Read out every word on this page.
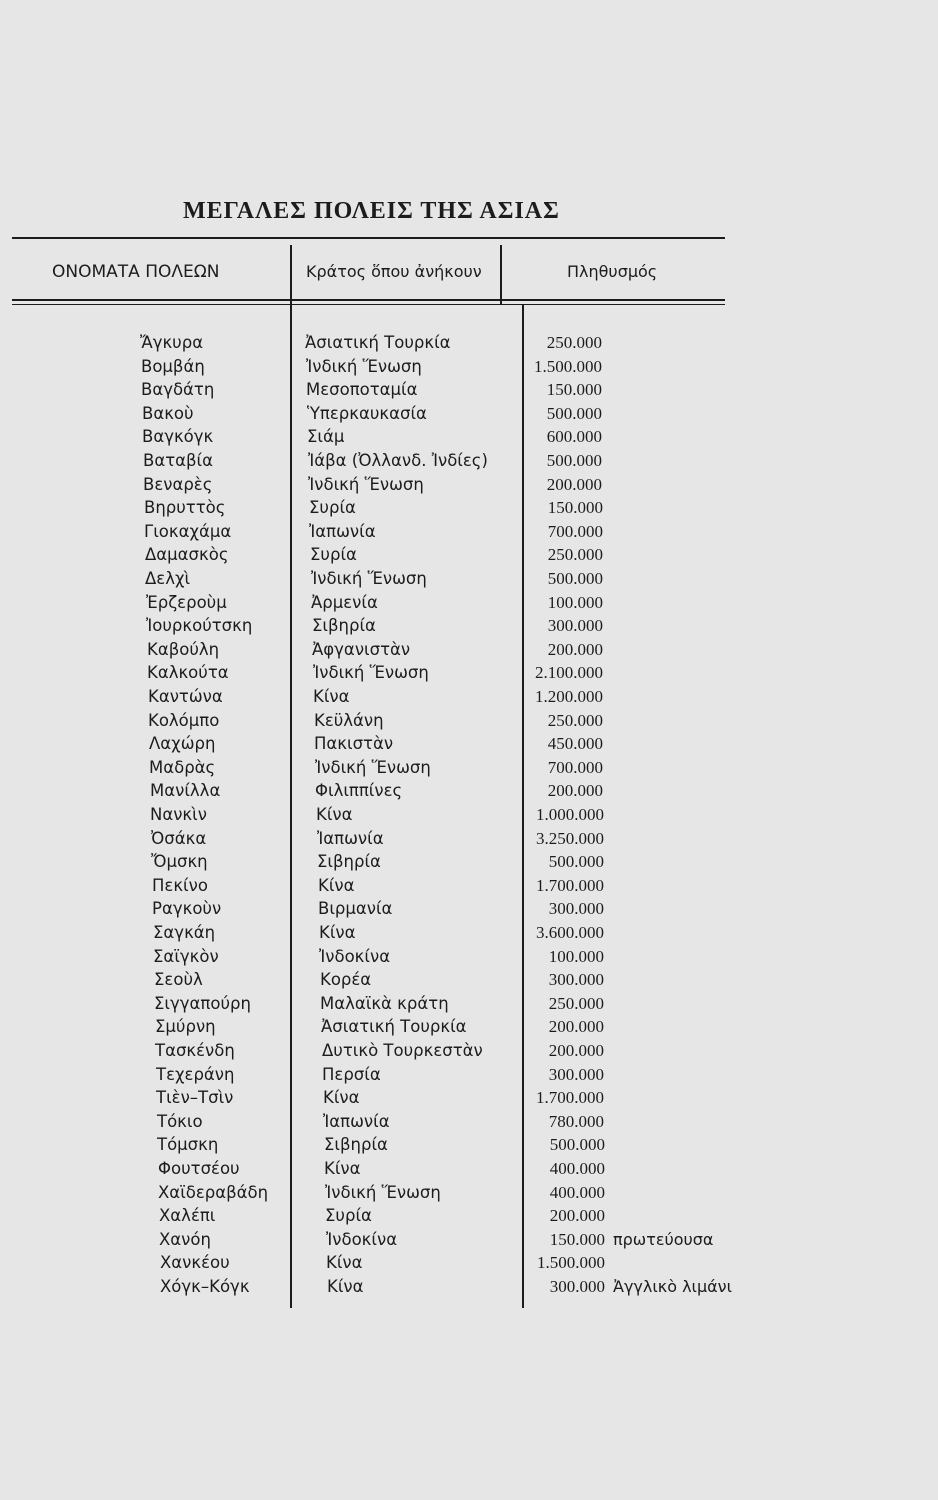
ΜΕΓΑΛΕΣ ΠΟΛΕΙΣ ΤΗΣ ΑΣΙΑΣ
ΟΝΟΜΑΤΑ ΠΟΛΕΩΝ	Κράτος ὅπου ἀνήκουν	Πληθυσμός
Ἄγκυρα	Ἀσιατική Τουρκία	250.000
Βομβάη	Ἰνδική Ἕνωση	1.500.000
Βαγδάτη	Μεσοποταμία	150.000
Βακοὺ	Ὑπερκαυκασία	500.000
Βαγκόγκ	Σιάμ	600.000
Βαταβία	Ἰάβα (Ὀλλανδ. Ἰνδίες)	500.000
Βεναρὲς	Ἰνδική Ἕνωση	200.000
Βηρυττὸς	Συρία	150.000
Γιοκαχάμα	Ἰαπωνία	700.000
Δαμασκὸς	Συρία	250.000
Δελχὶ	Ἰνδική Ἕνωση	500.000
Ἐρζεροὺμ	Ἀρμενία	100.000
Ἰουρκούτσκη	Σιβηρία	300.000
Καβούλη	Ἀφγανιστὰν	200.000
Καλκούτα	Ἰνδική Ἕνωση	2.100.000
Καντώνα	Κίνα	1.200.000
Κολόμπο	Κεϋλάνη	250.000
Λαχώρη	Πακιστὰν	450.000
Μαδρὰς	Ἰνδική Ἕνωση	700.000
Μανίλλα	Φιλιππίνες	200.000
Νανκὶν	Κίνα	1.000.000
Ὀσάκα	Ἰαπωνία	3.250.000
Ὄμσκη	Σιβηρία	500.000
Πεκίνο	Κίνα	1.700.000
Ραγκοὺν	Βιρμανία	300.000
Σαγκάη	Κίνα	3.600.000
Σαϊγκὸν	Ἰνδοκίνα	100.000
Σεοὺλ	Κορέα	300.000
Σιγγαπούρη	Μαλαϊκὰ κράτη	250.000
Σμύρνη	Ἀσιατική Τουρκία	200.000
Τασκένδη	Δυτικὸ Τουρκεστὰν	200.000
Τεχεράνη	Περσία	300.000
Τιὲν–Τσὶν	Κίνα	1.700.000
Τόκιο	Ἰαπωνία	780.000
Τόμσκη	Σιβηρία	500.000
Φουτσέου	Κίνα	400.000
Χαϊδεραβάδη	Ἰνδική Ἕνωση	400.000
Χαλέπι	Συρία	200.000
Χανόη	Ἰνδοκίνα	150.000 πρωτεύουσα
Χανκέου	Κίνα	1.500.000
Χόγκ–Κόγκ	Κίνα	300.000 Ἀγγλικὸ λιμάνι
